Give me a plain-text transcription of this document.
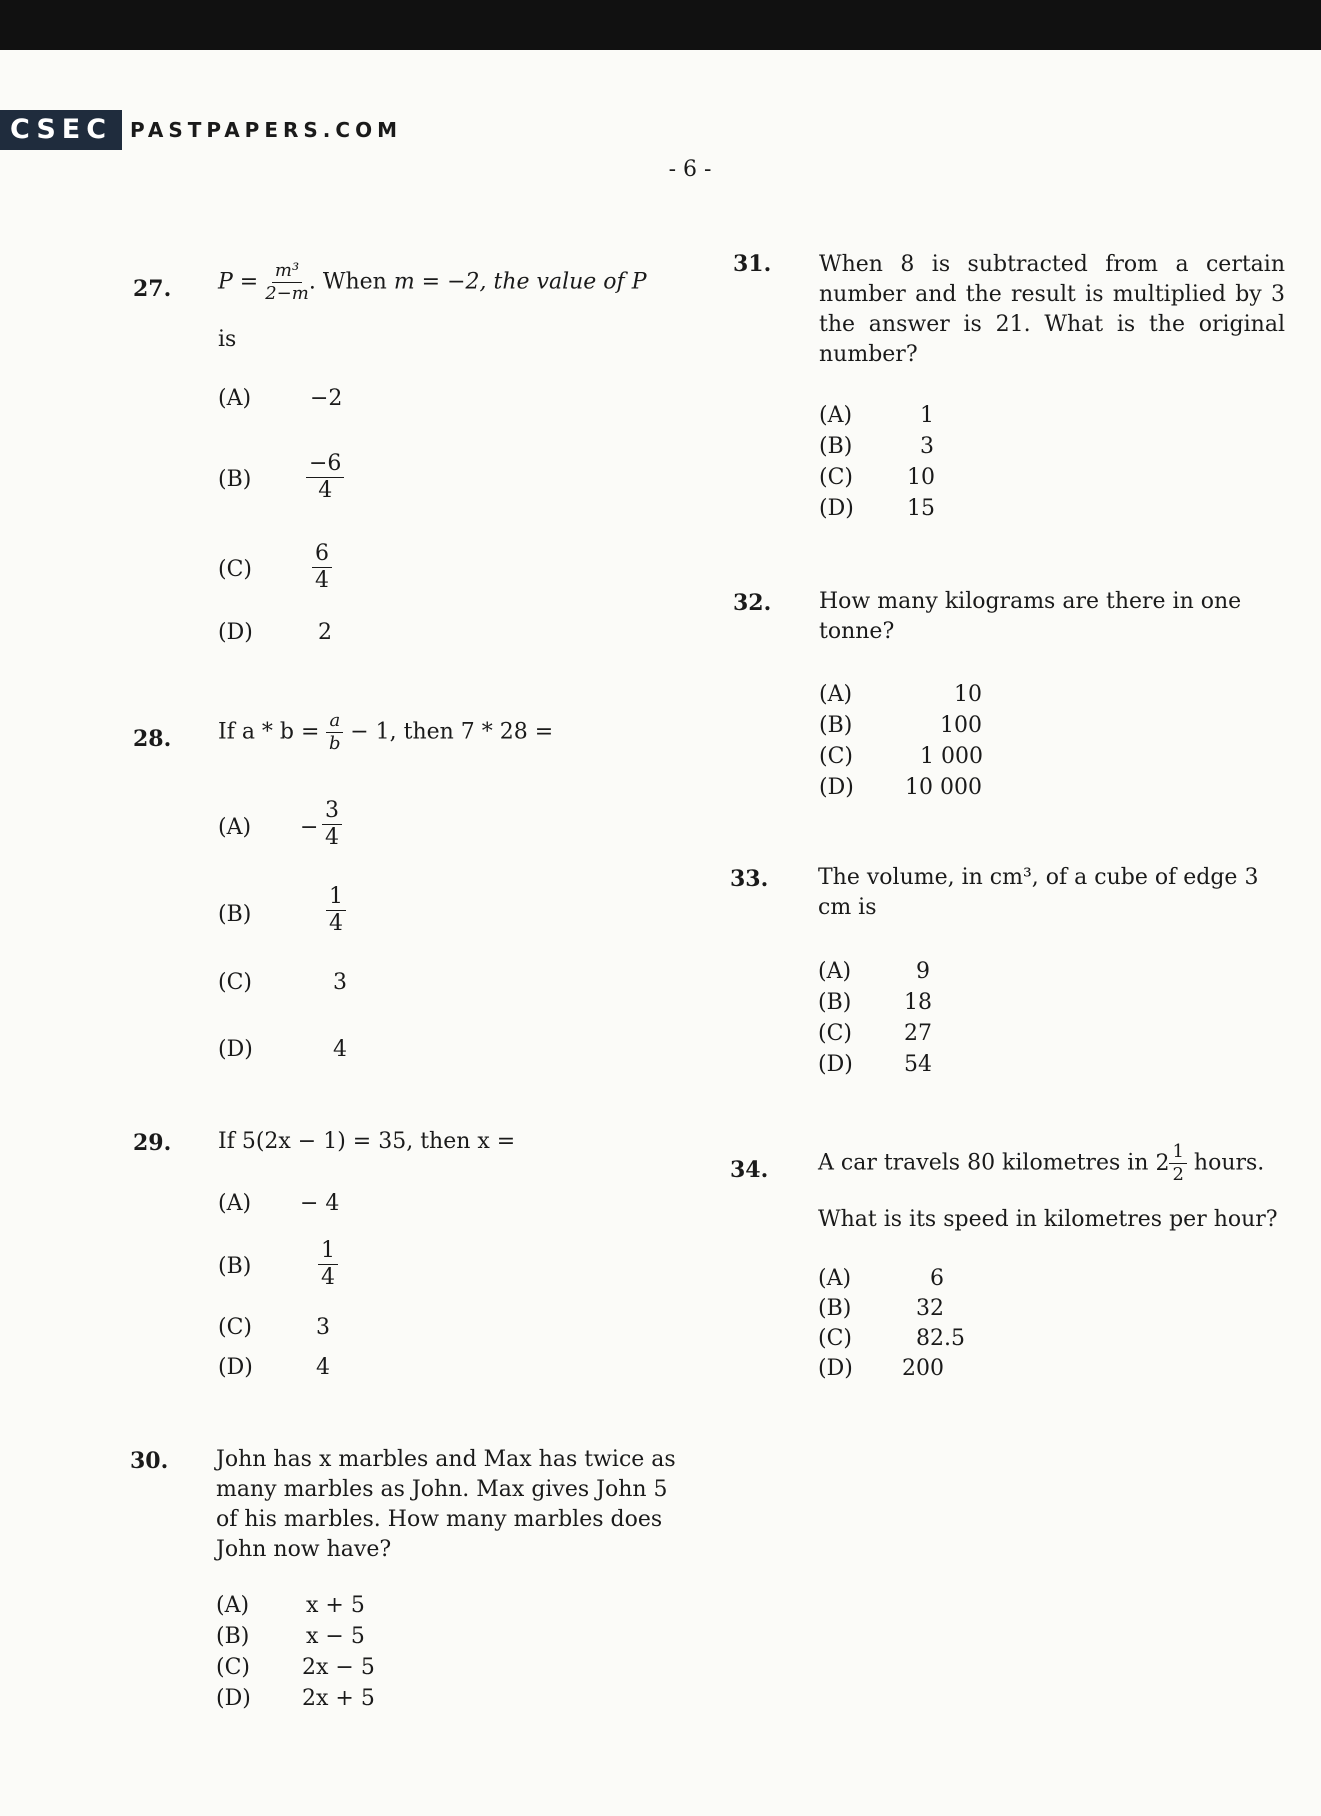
CSEC PASTPAPERS.COM
- 6 -
27. $P = \frac{\text{m³}}{2-m}$ . When m = −2, the value of P
is
(A)	−2
$(B) \frac{-6}{4}$
(C)	$\frac{6}{4}$
(D)	2
28. If $a * b = \frac{a}{b} - 1$, then 7 * 28 =
$(A) - \frac{3}{4}$
(B)	$\frac{1}{4}$
(C)	3
(D)	4
29. If 5(2x − 1) = 35, then x =
(A) − 4
(B)	$\frac{1}{4}$
(C)	3
(D)	4
30. John has x marbles and Max has twice as many marbles as John. Max gives John 5 of his marbles. How many marbles does John now have?
(A)	x + 5
(B)	x − 5
(C) 2x − 5
(D) 2x + 5
31. When 8 is subtracted from a certain number and the result is multiplied by 3 the answer is 21. What is the original number?
(A)	1
(B)	3
(C) 10
(D) 15
32. How many kilograms are there in one tonne?
(A)	10
(B)	100
(C)	1 000
(D) 10 000
33. The volume, in cm³, of a cube of edge 3 cm is
(A)	9
(B) 18
(C) 27
(D) 54
34. A car travels 80 kilometres in $2 \frac{1}{2}$ hours.
What is its speed in kilometres per hour?
(A)	6
(B)	32
(C)	82.5
(D) 200
